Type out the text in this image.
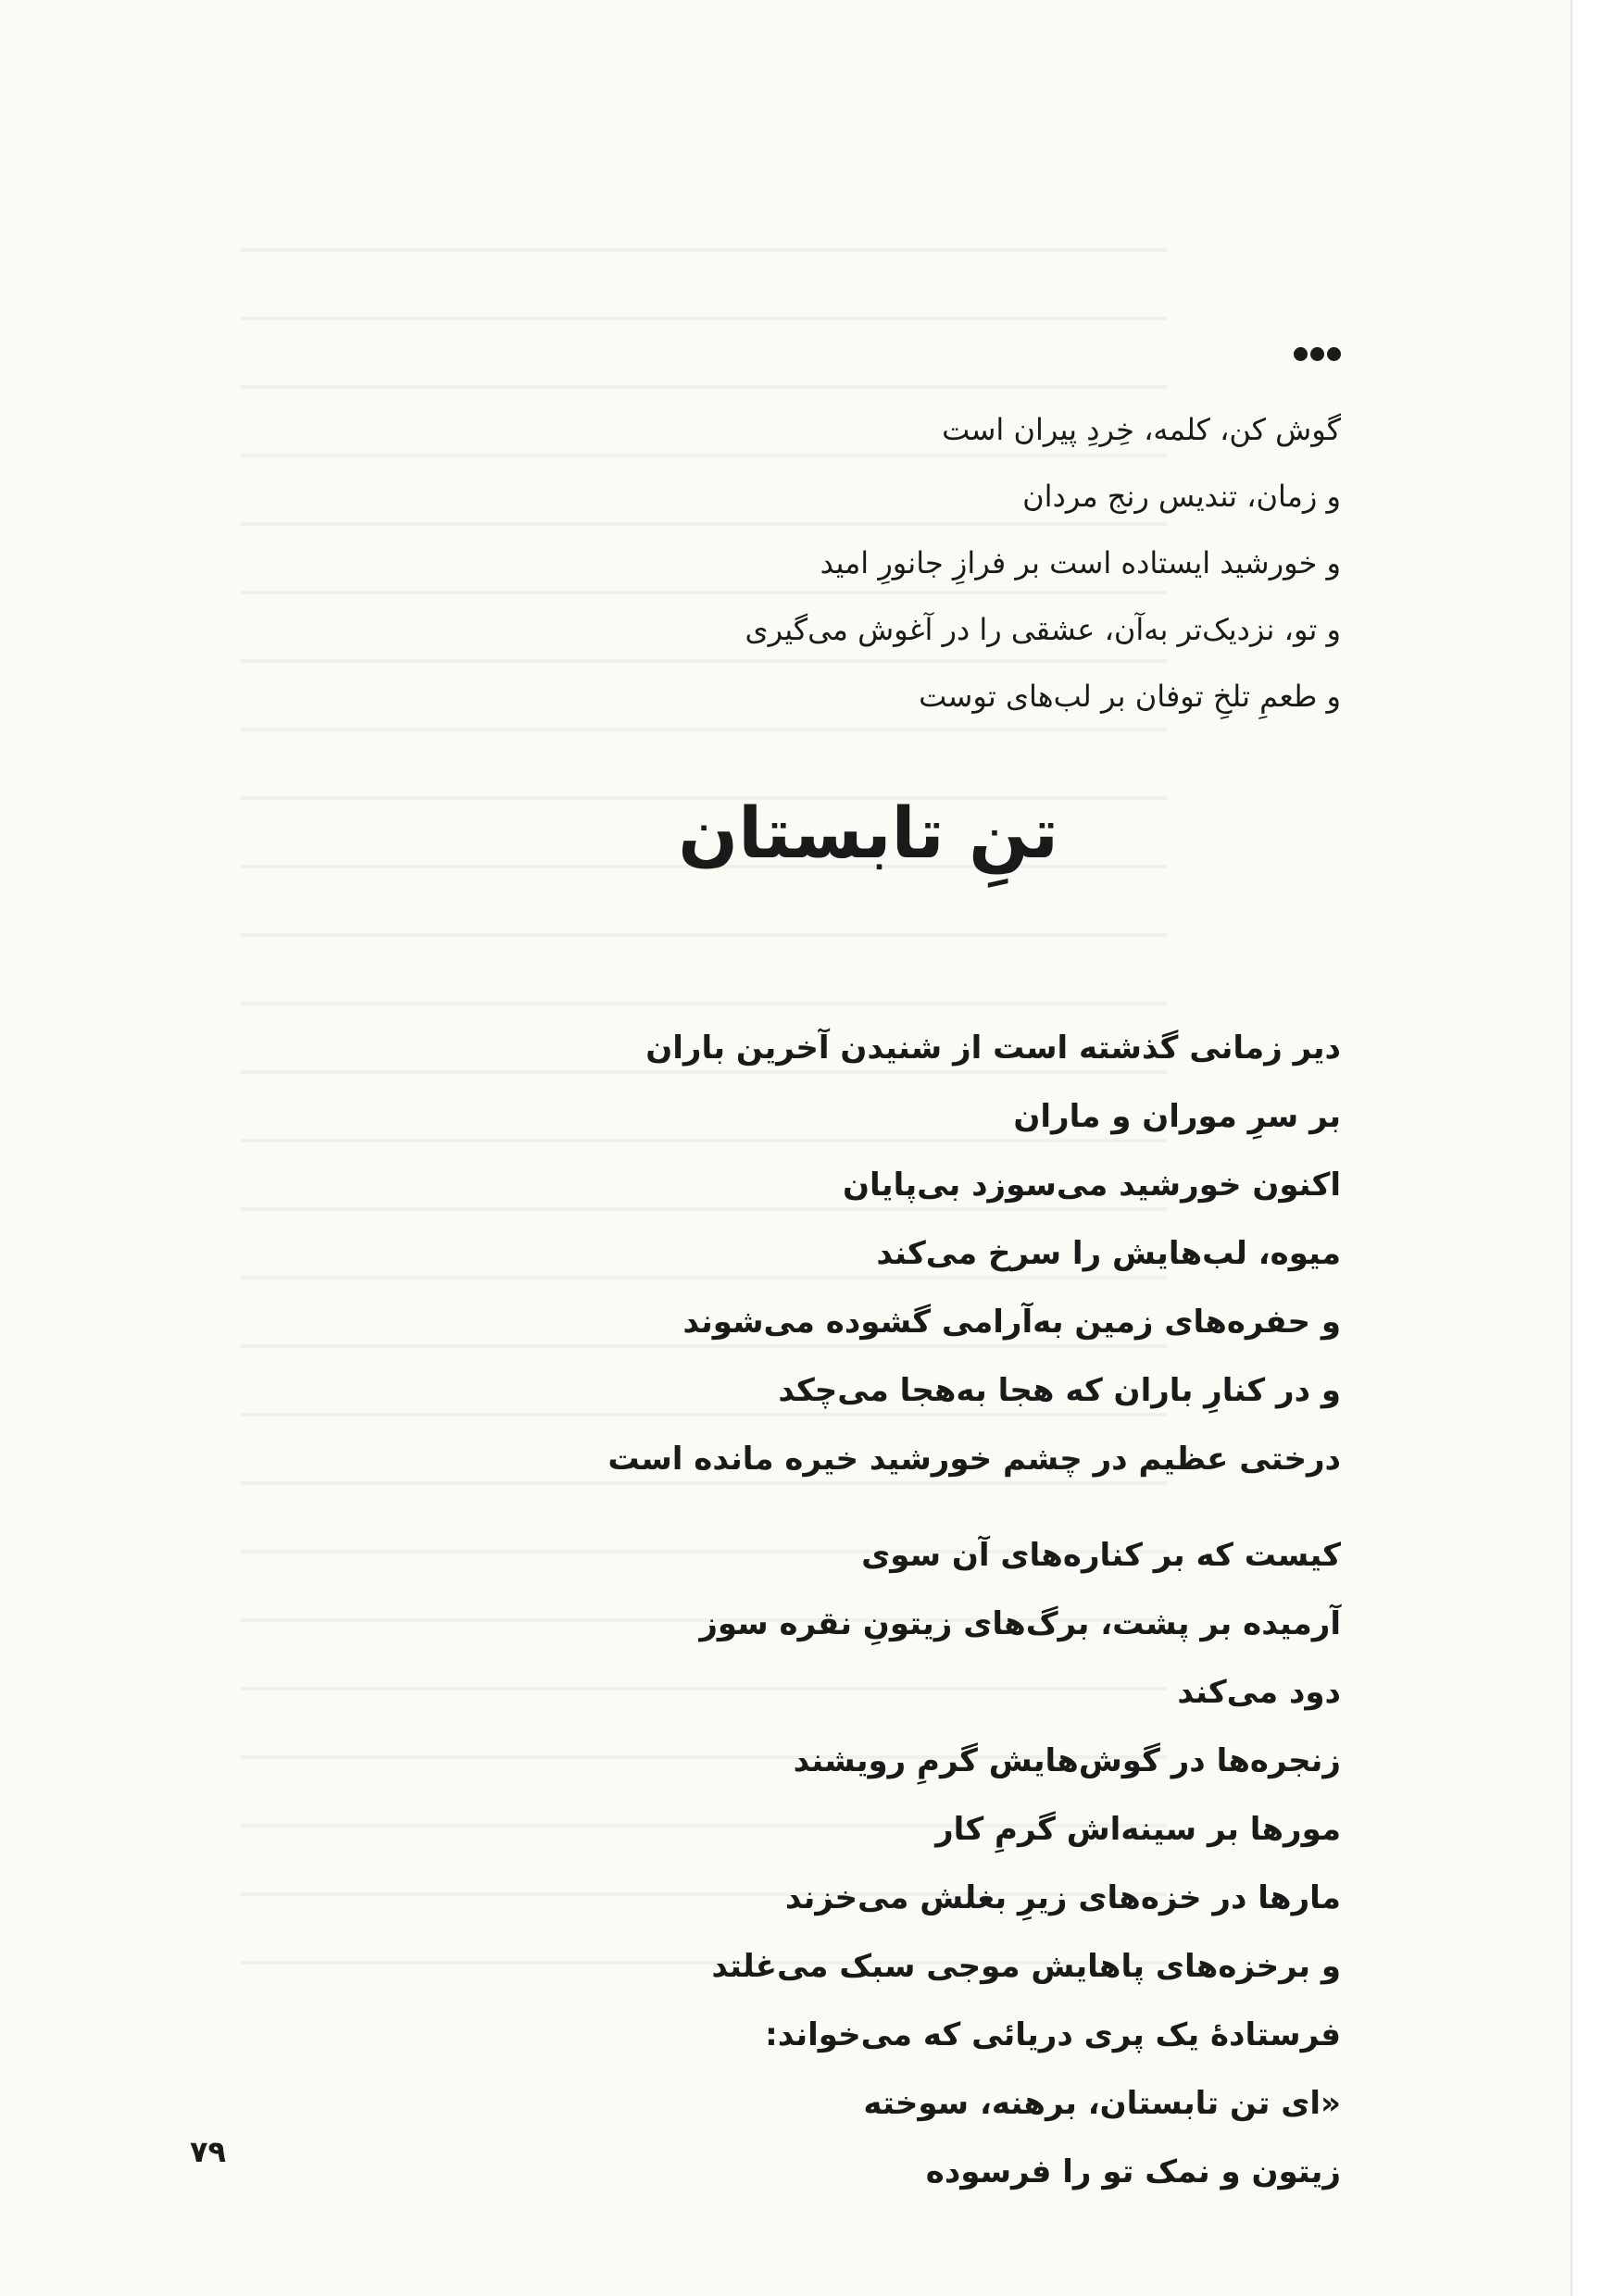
گوش کن، کلمه، خِردِ پیران است
و زمان، تندیس رنج مردان
و خورشید ایستاده است بر فرازِ جانورِ امید
و تو، نزدیک‌تر به‌آن، عشقی را در آغوش می‌گیری
و طعمِ تلخِ توفان بر لب‌های توست
تنِ تابستان
دیر زمانی گذشته است از شنیدن آخرین باران
بر سرِ موران و ماران
اکنون خورشید می‌سوزد بی‌پایان
میوه، لب‌هایش را سرخ می‌کند
و حفره‌های زمین به‌آرامی گشوده می‌شوند
و در کنارِ باران که هجا به‌هجا می‌چکد
درختی عظیم در چشم خورشید خیره مانده است
کیست که بر کناره‌های آن سوی
آرمیده بر پشت، برگ‌های زیتونِ نقره سوز
دود می‌کند
زنجره‌ها در گوش‌هایش گرمِ رویشند
مورها بر سینه‌اش گرمِ کار
مارها در خزه‌های زیرِ بغلش می‌خزند
و برخزه‌های پاهایش موجی سبک می‌غلتد
فرستادهٔ یک پری دریائی که می‌خواند:
«ای تن تابستان، برهنه، سوخته
زیتون و نمک تو را فرسوده
۷۹
